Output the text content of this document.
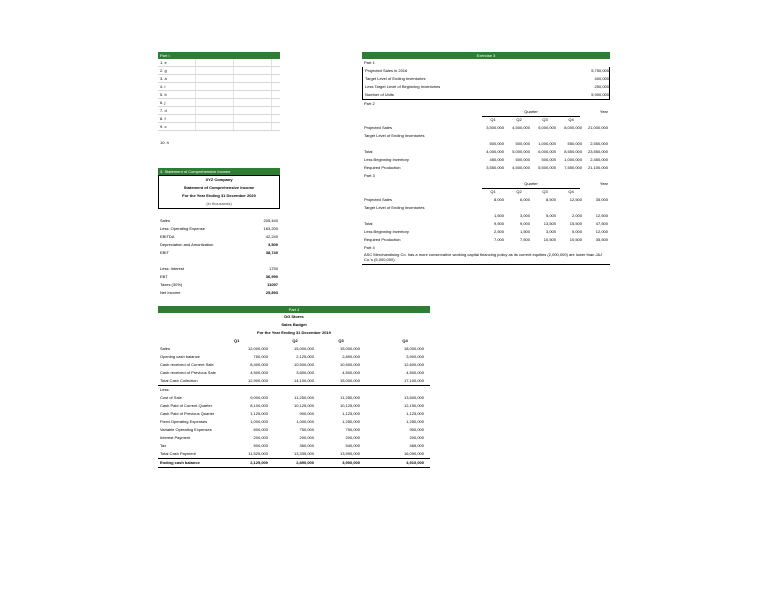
Part I
1. e
2. g
3. a
4. i
5. b
6. j
7. d
8. f
9. c
10. h
Exercise 3
Part 1
Projected Sales in 2016	5,750,000
Target Level of Ending Inventories	400,000
Less Target Level of Beginning Inventories	250,000
Number of Units	5,900,000
Part 2
Quarter	Year
Q1	Q2	Q3	Q4
Projected Sales	3,500,000	4,500,000	5,000,000	8,000,000	21,000,000
Target Level of Ending Inventories
500,000	500,000	1,000,000	550,000	2,550,000
Total	4,000,000	5,000,000	6,000,000	8,550,000	23,550,000
Less Beginning Inventory	450,000	500,000	500,000	1,000,000	2,450,000
Required Production	3,550,000	4,500,000	5,500,000	7,550,000	21,100,000
Part 3
Quarter	Year
Q1	Q2	Q3	Q4
Projected Sales	8,000	6,000	8,500	12,500	35,000
Target Level of Ending Inventories
1,500	3,000	5,000	2,000	12,500
Total	9,500	9,000	13,500	15,500	47,500
Less Beginning Inventory	2,500	1,500	3,000	5,000	12,000
Required Production	7,000	7,500	10,500	10,500	35,500
Part 4
ASC Merchandising Co. has a more conservative working capital financing policy as its current equities (2,000,000) are lower than J&J Co.'s (5,000,000).
3. Statement of Comprehensive Income
XYZ Company
Statement of Comprehensive Income
For the Year Ending 31 December 2020
(in thousands)
Sales	205,440
Less: Operating Expense	163,200
EBITDA	42,240
Depreciation and Amortization	3,500
EBIT	38,740
Less: Interest	1750
EBT	36,990
Taxes (30%)	11097
Net Income	25,893
Part 4
DG Stores
Sales Budget
For the Year Ending 31 December 2019
Q1	Q2	Q3	Q4
Sales	12,000,000	15,000,000	15,000,000	18,000,000
Opening cash balance	750,000	2,125,000	2,890,000	3,900,000
Cash received of Current Sale	8,400,000	10,500,000	10,500,000	12,600,000
Cash received of Previous Sale	4,500,000	3,600,000	4,500,000	4,500,000
Total Cash Collection	12,900,000	14,100,000	15,000,000	17,100,000
Less:
Cost of Sale	9,000,000	11,250,000	11,250,000	13,500,000
Cash Paid of Current Quarter	8,100,000	10,125,000	10,125,000	12,150,000
Cash Paid of Previous Quarter	1,125,000	900,000	1,125,000	1,125,000
Fixed Operating Expenses	1,000,000	1,000,000	1,250,000	1,250,000
Variable Operating Expenses	600,000	750,000	750,000	900,000
Interest Payment	200,000	200,000	200,000	200,000
Tax	500,000	360,000	540,000	465,000
Total Cash Payment	11,525,000	13,335,000	13,990,000	16,090,000
Ending cash balance	2,125,000	2,890,000	3,900,000	4,910,000
